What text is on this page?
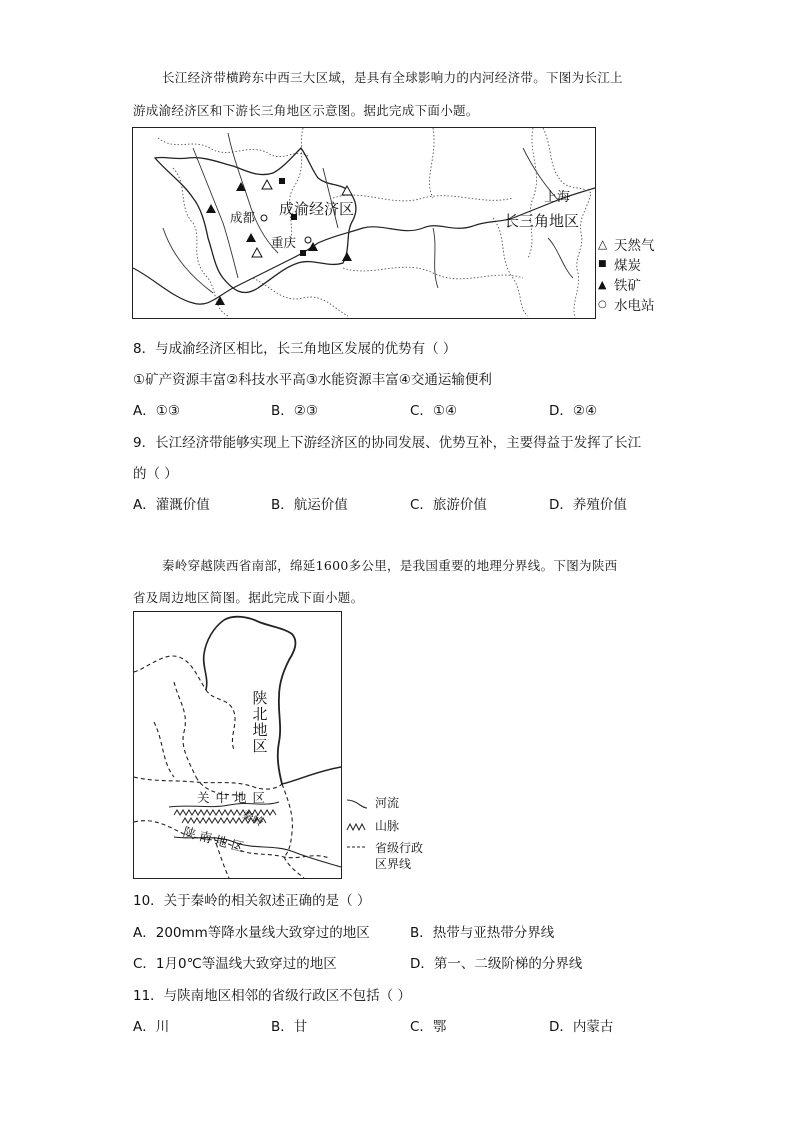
长江经济带横跨东中西三大区域，是具有全球影响力的内河经济带。下图为长江上
游成渝经济区和下游长三角地区示意图。据此完成下面小题。
成都 成渝经济区
重庆
上海
长三角地区
△ 天然气
■ 煤炭
▲ 铁矿
○ 水电站
8．与成渝经济区相比，长三角地区发展的优势有（ ）
①矿产资源丰富②科技水平高③水能资源丰富④交通运输便利
A．①③	B．②③	C．①④	D．②④
9．长江经济带能够实现上下游经济区的协同发展、优势互补，主要得益于发挥了长江
的（ ）
A．灌溉价值	B．航运价值	C．旅游价值	D．养殖价值
秦岭穿越陕西省南部，绵延1600多公里，是我国重要的地理分界线。下图为陕西
省及周边地区简图。据此完成下面小题。
陕北地区
关中地区
秦岭
陕南地区
河流
山脉
省级行政
区界线
10．关于秦岭的相关叙述正确的是（ ）
A．200mm等降水量线大致穿过的地区	B．热带与亚热带分界线
C．1月0℃等温线大致穿过的地区	D．第一、二级阶梯的分界线
11．与陕南地区相邻的省级行政区不包括（ ）
A．川	B．甘	C．鄂	D．内蒙古
